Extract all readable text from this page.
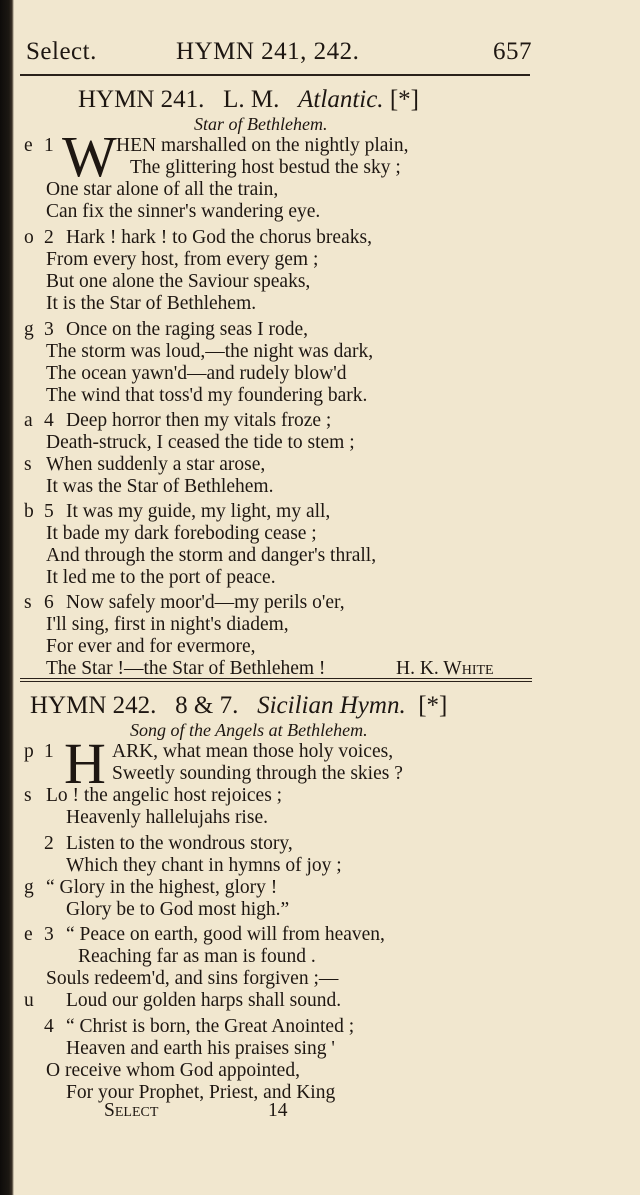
Select.	HYMN 241, 242.	657
HYMN 241. L. M. Atlantic. [*]
Star of Bethlehem.
e 1 W HEN marshalled on the nightly plain,
The glittering host bestud the sky ;
One star alone of all the train,
Can fix the sinner's wandering eye.
o 2 Hark ! hark ! to God the chorus breaks,
From every host, from every gem ;
But one alone the Saviour speaks,
It is the Star of Bethlehem.
g 3 Once on the raging seas I rode,
The storm was loud,—the night was dark,
The ocean yawn'd—and rudely blow'd
The wind that toss'd my foundering bark.
a 4 Deep horror then my vitals froze ;
Death-struck, I ceased the tide to stem ;
s When suddenly a star arose,
It was the Star of Bethlehem.
b 5 It was my guide, my light, my all,
It bade my dark foreboding cease ;
And through the storm and danger's thrall,
It led me to the port of peace.
s 6 Now safely moor'd—my perils o'er,
I'll sing, first in night's diadem,
For ever and for evermore,
The Star !—the Star of Bethlehem !	H. K. White
HYMN 242. 8 & 7. Sicilian Hymn. [*]
Song of the Angels at Bethlehem.
p 1 H ARK, what mean those holy voices,
Sweetly sounding through the skies ?
s Lo ! the angelic host rejoices ;
Heavenly hallelujahs rise.
2 Listen to the wondrous story,
Which they chant in hymns of joy ;
g “ Glory in the highest, glory !
Glory be to God most high.”
e 3 “ Peace on earth, good will from heaven,
Reaching far as man is found .
Souls redeem'd, and sins forgiven ;—
u Loud our golden harps shall sound.
4 “ Christ is born, the Great Anointed ;
Heaven and earth his praises sing '
O receive whom God appointed,
For your Prophet, Priest, and King
Select	14
